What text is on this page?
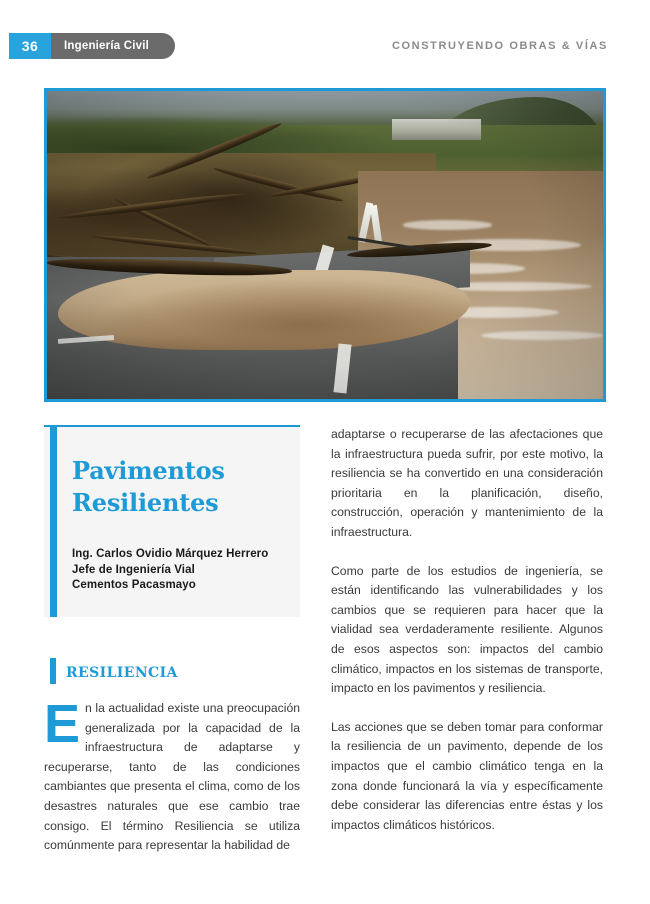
36	Ingeniería Civil	CONSTRUYENDO OBRAS & VÍAS
Pavimentos
Resilientes
Ing. Carlos Ovidio Márquez Herrero
Jefe de Ingeniería Vial
Cementos Pacasmayo
RESILIENCIA

En la actualidad existe una preocupación generalizada por la capacidad de la infraestructura de adaptarse y recuperarse, tanto de las condiciones cambiantes que presenta el clima, como de los desastres naturales que ese cambio trae consigo. El término Resiliencia se utiliza comúnmente para representar la habilidad de

adaptarse o recuperarse de las afectaciones que la infraestructura pueda sufrir, por este motivo, la resiliencia se ha convertido en una consideración prioritaria en la planificación, diseño, construcción, operación y mantenimiento de la infraestructura.

Como parte de los estudios de ingeniería, se están identificando las vulnerabilidades y los cambios que se requieren para hacer que la vialidad sea verdaderamente resiliente. Algunos de esos aspectos son: impactos del cambio climático, impactos en los sistemas de transporte, impacto en los pavimentos y resiliencia.

Las acciones que se deben tomar para conformar la resiliencia de un pavimento, depende de los impactos que el cambio climático tenga en la zona donde funcionará la vía y específicamente debe considerar las diferencias entre éstas y los impactos climáticos históricos.
